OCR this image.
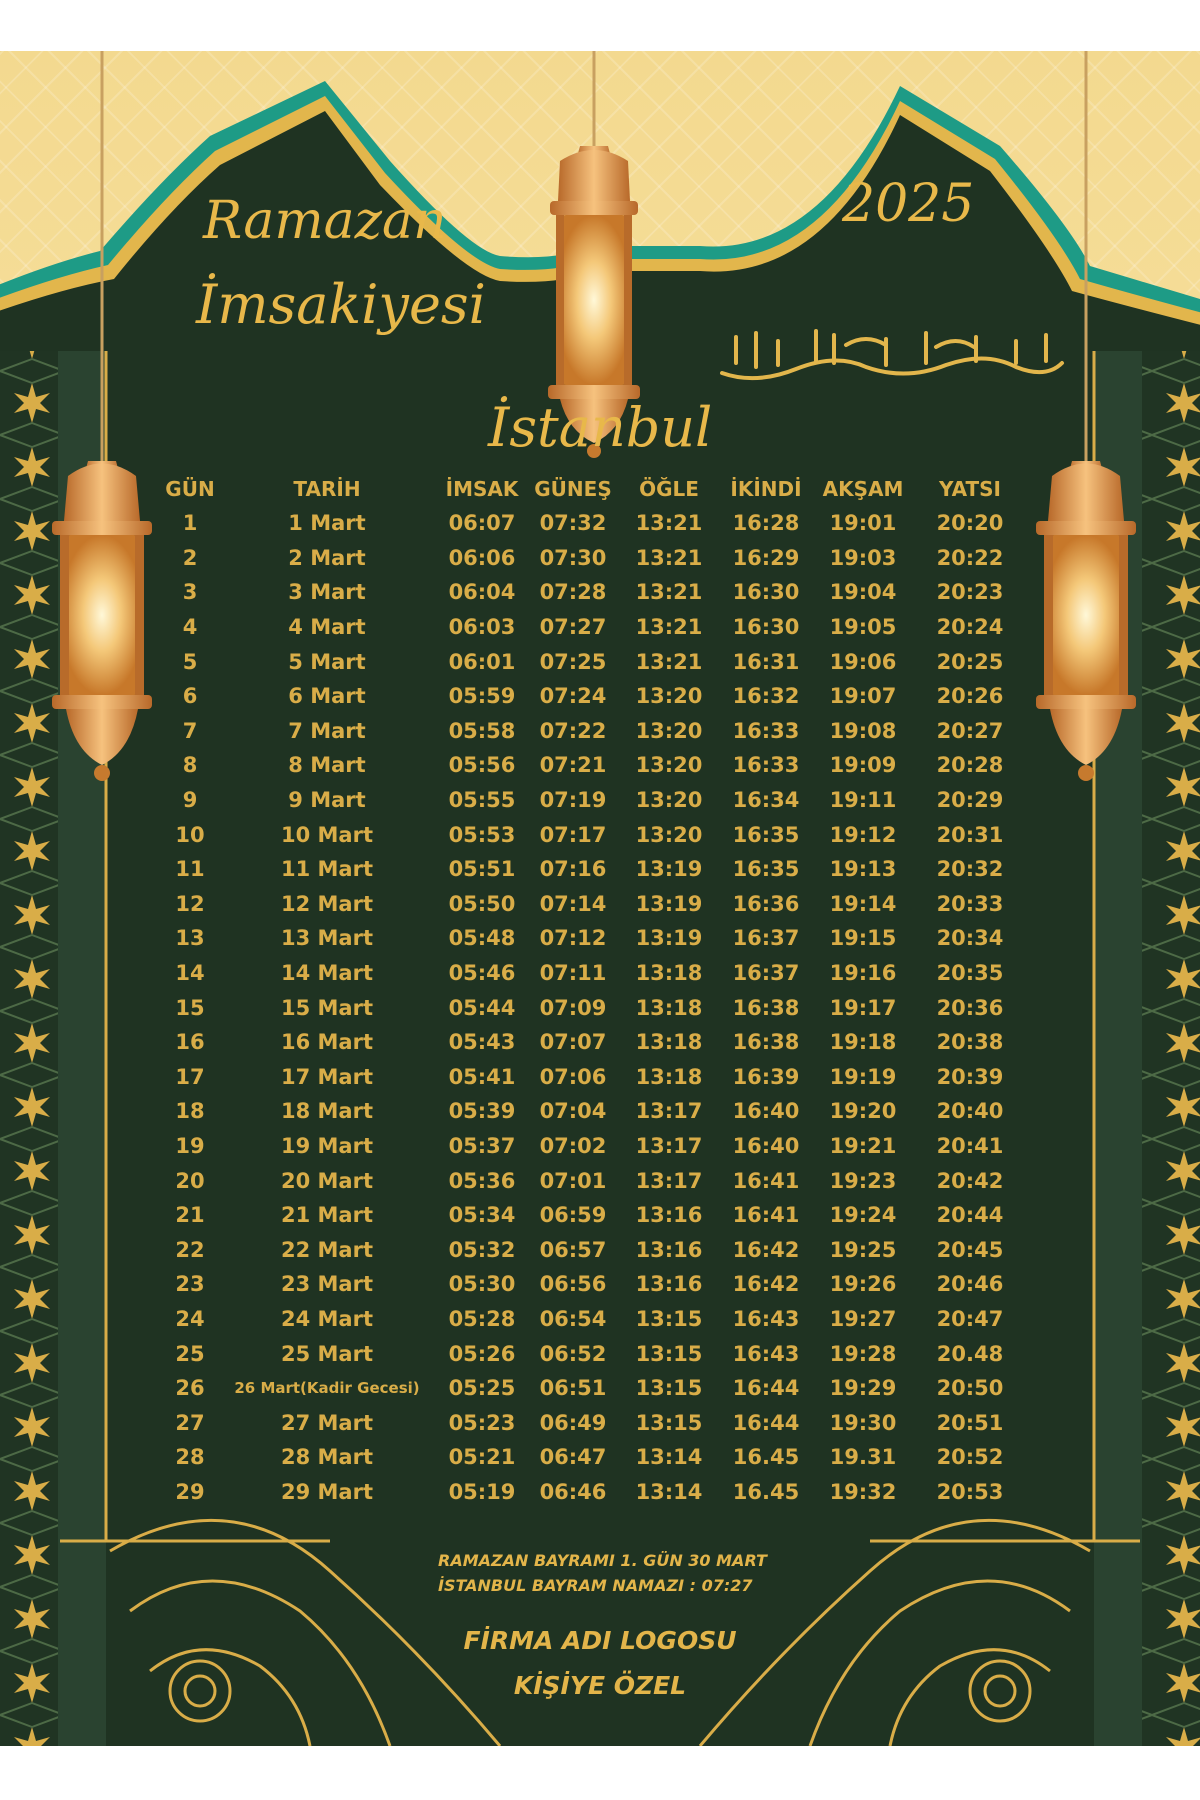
Ramazan
İmsakiyesi
2025
İstanbul
GÜN	TARİH	İMSAK	GÜNEŞ	ÖĞLE	İKİNDİ	AKŞAM	YATSI
1	1 Mart	06:07	07:32	13:21	16:28	19:01	20:20
2	2 Mart	06:06	07:30	13:21	16:29	19:03	20:22
3	3 Mart	06:04	07:28	13:21	16:30	19:04	20:23
4	4 Mart	06:03	07:27	13:21	16:30	19:05	20:24
5	5 Mart	06:01	07:25	13:21	16:31	19:06	20:25
6	6 Mart	05:59	07:24	13:20	16:32	19:07	20:26
7	7 Mart	05:58	07:22	13:20	16:33	19:08	20:27
8	8 Mart	05:56	07:21	13:20	16:33	19:09	20:28
9	9 Mart	05:55	07:19	13:20	16:34	19:11	20:29
10	10 Mart	05:53	07:17	13:20	16:35	19:12	20:31
11	11 Mart	05:51	07:16	13:19	16:35	19:13	20:32
12	12 Mart	05:50	07:14	13:19	16:36	19:14	20:33
13	13 Mart	05:48	07:12	13:19	16:37	19:15	20:34
14	14 Mart	05:46	07:11	13:18	16:37	19:16	20:35
15	15 Mart	05:44	07:09	13:18	16:38	19:17	20:36
16	16 Mart	05:43	07:07	13:18	16:38	19:18	20:38
17	17 Mart	05:41	07:06	13:18	16:39	19:19	20:39
18	18 Mart	05:39	07:04	13:17	16:40	19:20	20:40
19	19 Mart	05:37	07:02	13:17	16:40	19:21	20:41
20	20 Mart	05:36	07:01	13:17	16:41	19:23	20:42
21	21 Mart	05:34	06:59	13:16	16:41	19:24	20:44
22	22 Mart	05:32	06:57	13:16	16:42	19:25	20:45
23	23 Mart	05:30	06:56	13:16	16:42	19:26	20:46
24	24 Mart	05:28	06:54	13:15	16:43	19:27	20:47
25	25 Mart	05:26	06:52	13:15	16:43	19:28	20.48
26	26 Mart(Kadir Gecesi)	05:25	06:51	13:15	16:44	19:29	20:50
27	27 Mart	05:23	06:49	13:15	16:44	19:30	20:51
28	28 Mart	05:21	06:47	13:14	16.45	19.31	20:52
29	29 Mart	05:19	06:46	13:14	16.45	19:32	20:53
RAMAZAN BAYRAMI 1. GÜN 30 MART
İSTANBUL BAYRAM NAMAZI : 07:27
FİRMA ADI LOGOSU
KİŞİYE ÖZEL
